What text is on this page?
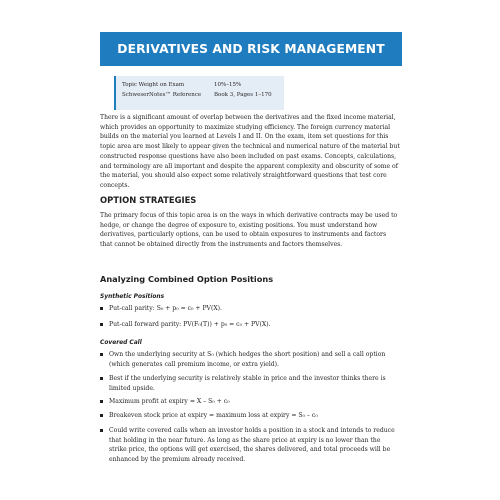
DERIVATIVES AND RISK MANAGEMENT
Topic Weight on Exam	10%–15%
SchweserNotes™ Reference	Book 3, Pages 1–170

There is a significant amount of overlap between the derivatives and the fixed income material, which provides an opportunity to maximize studying efficiency. The foreign currency material builds on the material you learned at Levels I and II. On the exam, item set questions for this topic area are most likely to appear given the technical and numerical nature of the material but constructed response questions have also been included on past exams. Concepts, calculations, and terminology are all important and despite the apparent complexity and obscurity of some of the material, you should also expect some relatively straightforward questions that test core concepts.

OPTION STRATEGIES

The primary focus of this topic area is on the ways in which derivative contracts may be used to hedge, or change the degree of exposure to, existing positions. You must understand how derivatives, particularly options, can be used to obtain exposures to instruments and factors that cannot be obtained directly from the instruments and factors themselves.

Analyzing Combined Option Positions
Synthetic Positions
Put-call parity: S₀ + p₀ = c₀ + PV(X).
Put-call forward parity: PV(F₀(T)) + p₀ = c₀ + PV(X).
Covered Call
Own the underlying security at S₀ (which hedges the short position) and sell a call option (which generates call premium income, or extra yield).
Best if the underlying security is relatively stable in price and the investor thinks there is limited upside.
Maximum profit at expiry = X – S₀ + c₀
Breakeven stock price at expiry = maximum loss at expiry = S₀ – c₀
Could write covered calls when an investor holds a position in a stock and intends to reduce that holding in the near future. As long as the share price at expiry is no lower than the strike price, the options will get exercised, the shares delivered, and total proceeds will be enhanced by the premium already received.
